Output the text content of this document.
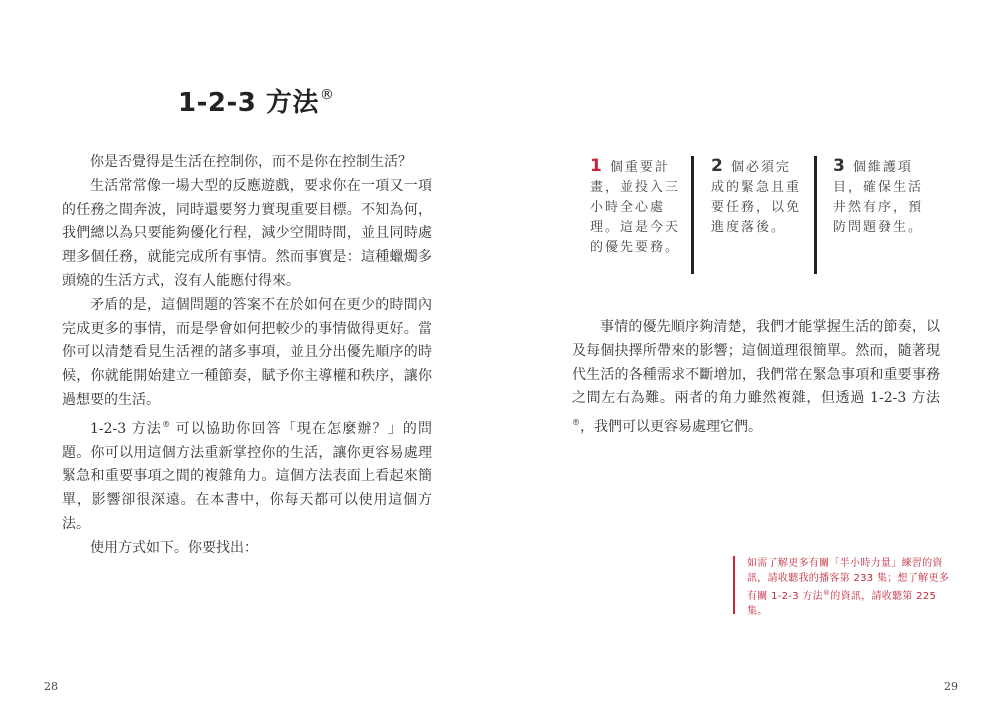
1-2-3 方法®

你是否覺得是生活在控制你，而不是你在控制生活？

生活常常像一場大型的反應遊戲，要求你在一項又一項的任務之間奔波，同時還要努力實現重要目標。不知為何，我們總以為只要能夠優化行程，減少空閒時間，並且同時處理多個任務，就能完成所有事情。然而事實是：這種蠟燭多頭燒的生活方式，沒有人能應付得來。

矛盾的是，這個問題的答案不在於如何在更少的時間內完成更多的事情，而是學會如何把較少的事情做得更好。當你可以清楚看見生活裡的諸多事項，並且分出優先順序的時候，你就能開始建立一種節奏，賦予你主導權和秩序，讓你過想要的生活。

1-2-3 方法® 可以協助你回答「現在怎麼辦？」的問題。你可以用這個方法重新掌控你的生活，讓你更容易處理緊急和重要事項之間的複雜角力。這個方法表面上看起來簡單，影響卻很深遠。在本書中，你每天都可以使用這個方法。

使用方式如下。你要找出：

28
1 個重要計畫，並投入三小時全心處理。這是今天的優先要務。
2 個必須完成的緊急且重要任務，以免進度落後。
3 個維護項目，確保生活井然有序，預防問題發生。

事情的優先順序夠清楚，我們才能掌握生活的節奏，以及每個抉擇所帶來的影響；這個道理很簡單。然而，隨著現代生活的各種需求不斷增加，我們常在緊急事項和重要事務之間左右為難。兩者的角力雖然複雜，但透過 1-2-3 方法®，我們可以更容易處理它們。

如需了解更多有關「半小時力量」練習的資訊，請收聽我的播客第 233 集；想了解更多有關 1-2-3 方法®的資訊，請收聽第 225 集。
29
